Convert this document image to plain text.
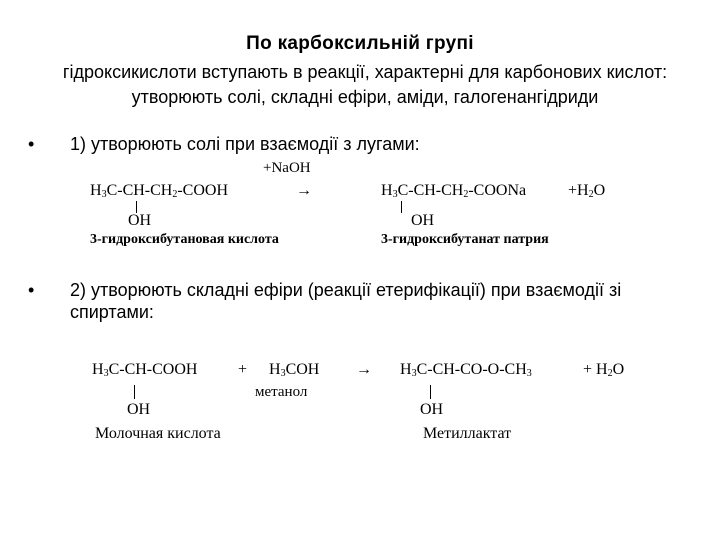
По карбоксильній групі
гідроксикислоти вступають в реакції, характерні для карбонових кислот: утворюють солі, складні ефіри, аміди, галогенангідриди
• 1) утворюють солі при взаємодії з лугами:
+NaOH
$H_3C-CH-CH_2$-COOH	→	$H_3C-CH-CH_2$-COONa	$+H_2O$
OH	OH
3-гидроксибутановая кислота	3-гидроксибутанат патрия
• 2) утворюють складні ефіри (реакції етерифікації) при взаємодії зі спиртами:
$H_3C-CH$-COOH	+ $H_3COH \to H_3C-CH-CO-O-CH_3$	+ $H_2O$
метанол
OH	OH
Молочная кислота	Метиллактат
